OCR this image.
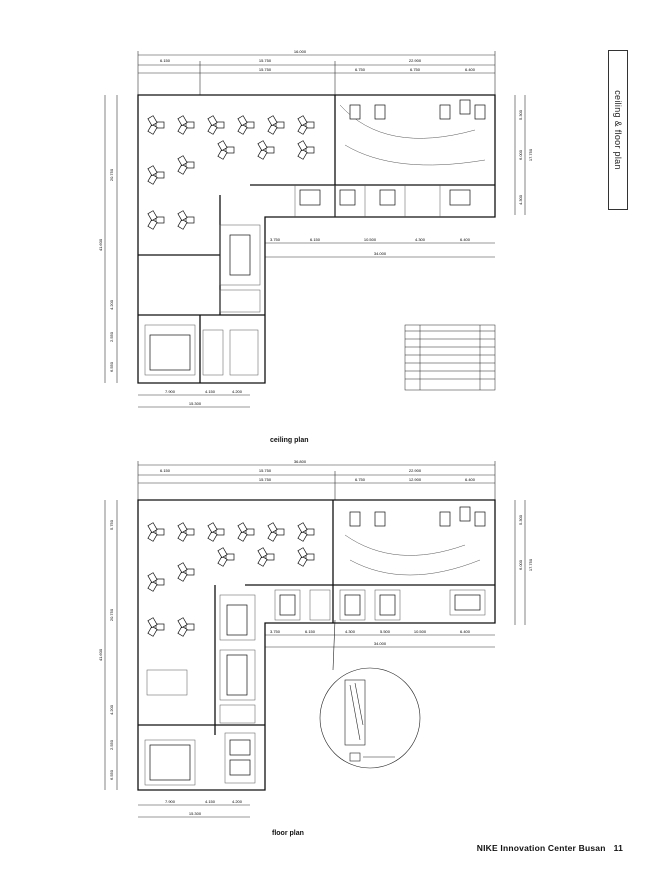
ceiling & floor plan
16.000
6.150	15.750
15.750
22.900
6.750	6.750	6.400
20.750
41.600
4.200
2.550
6.550
5.300
6.000 17.750
4.300
3.750	6.150	10.500	4.300	6.400
34.000
7.900	4.150	4.200
15.300
ceiling plan
36.800
6.150	15.750
15.750
22.900
6.750	12.900	6.400
5.750
20.750
41.600
4.200
2.550
6.550
5.300
6.000 17.750
3.750	6.150	4.300	5.500	10.500	6.400
34.000
7.900	4.150	4.200
15.300
floor plan
NIKE Innovation Center Busan 11
